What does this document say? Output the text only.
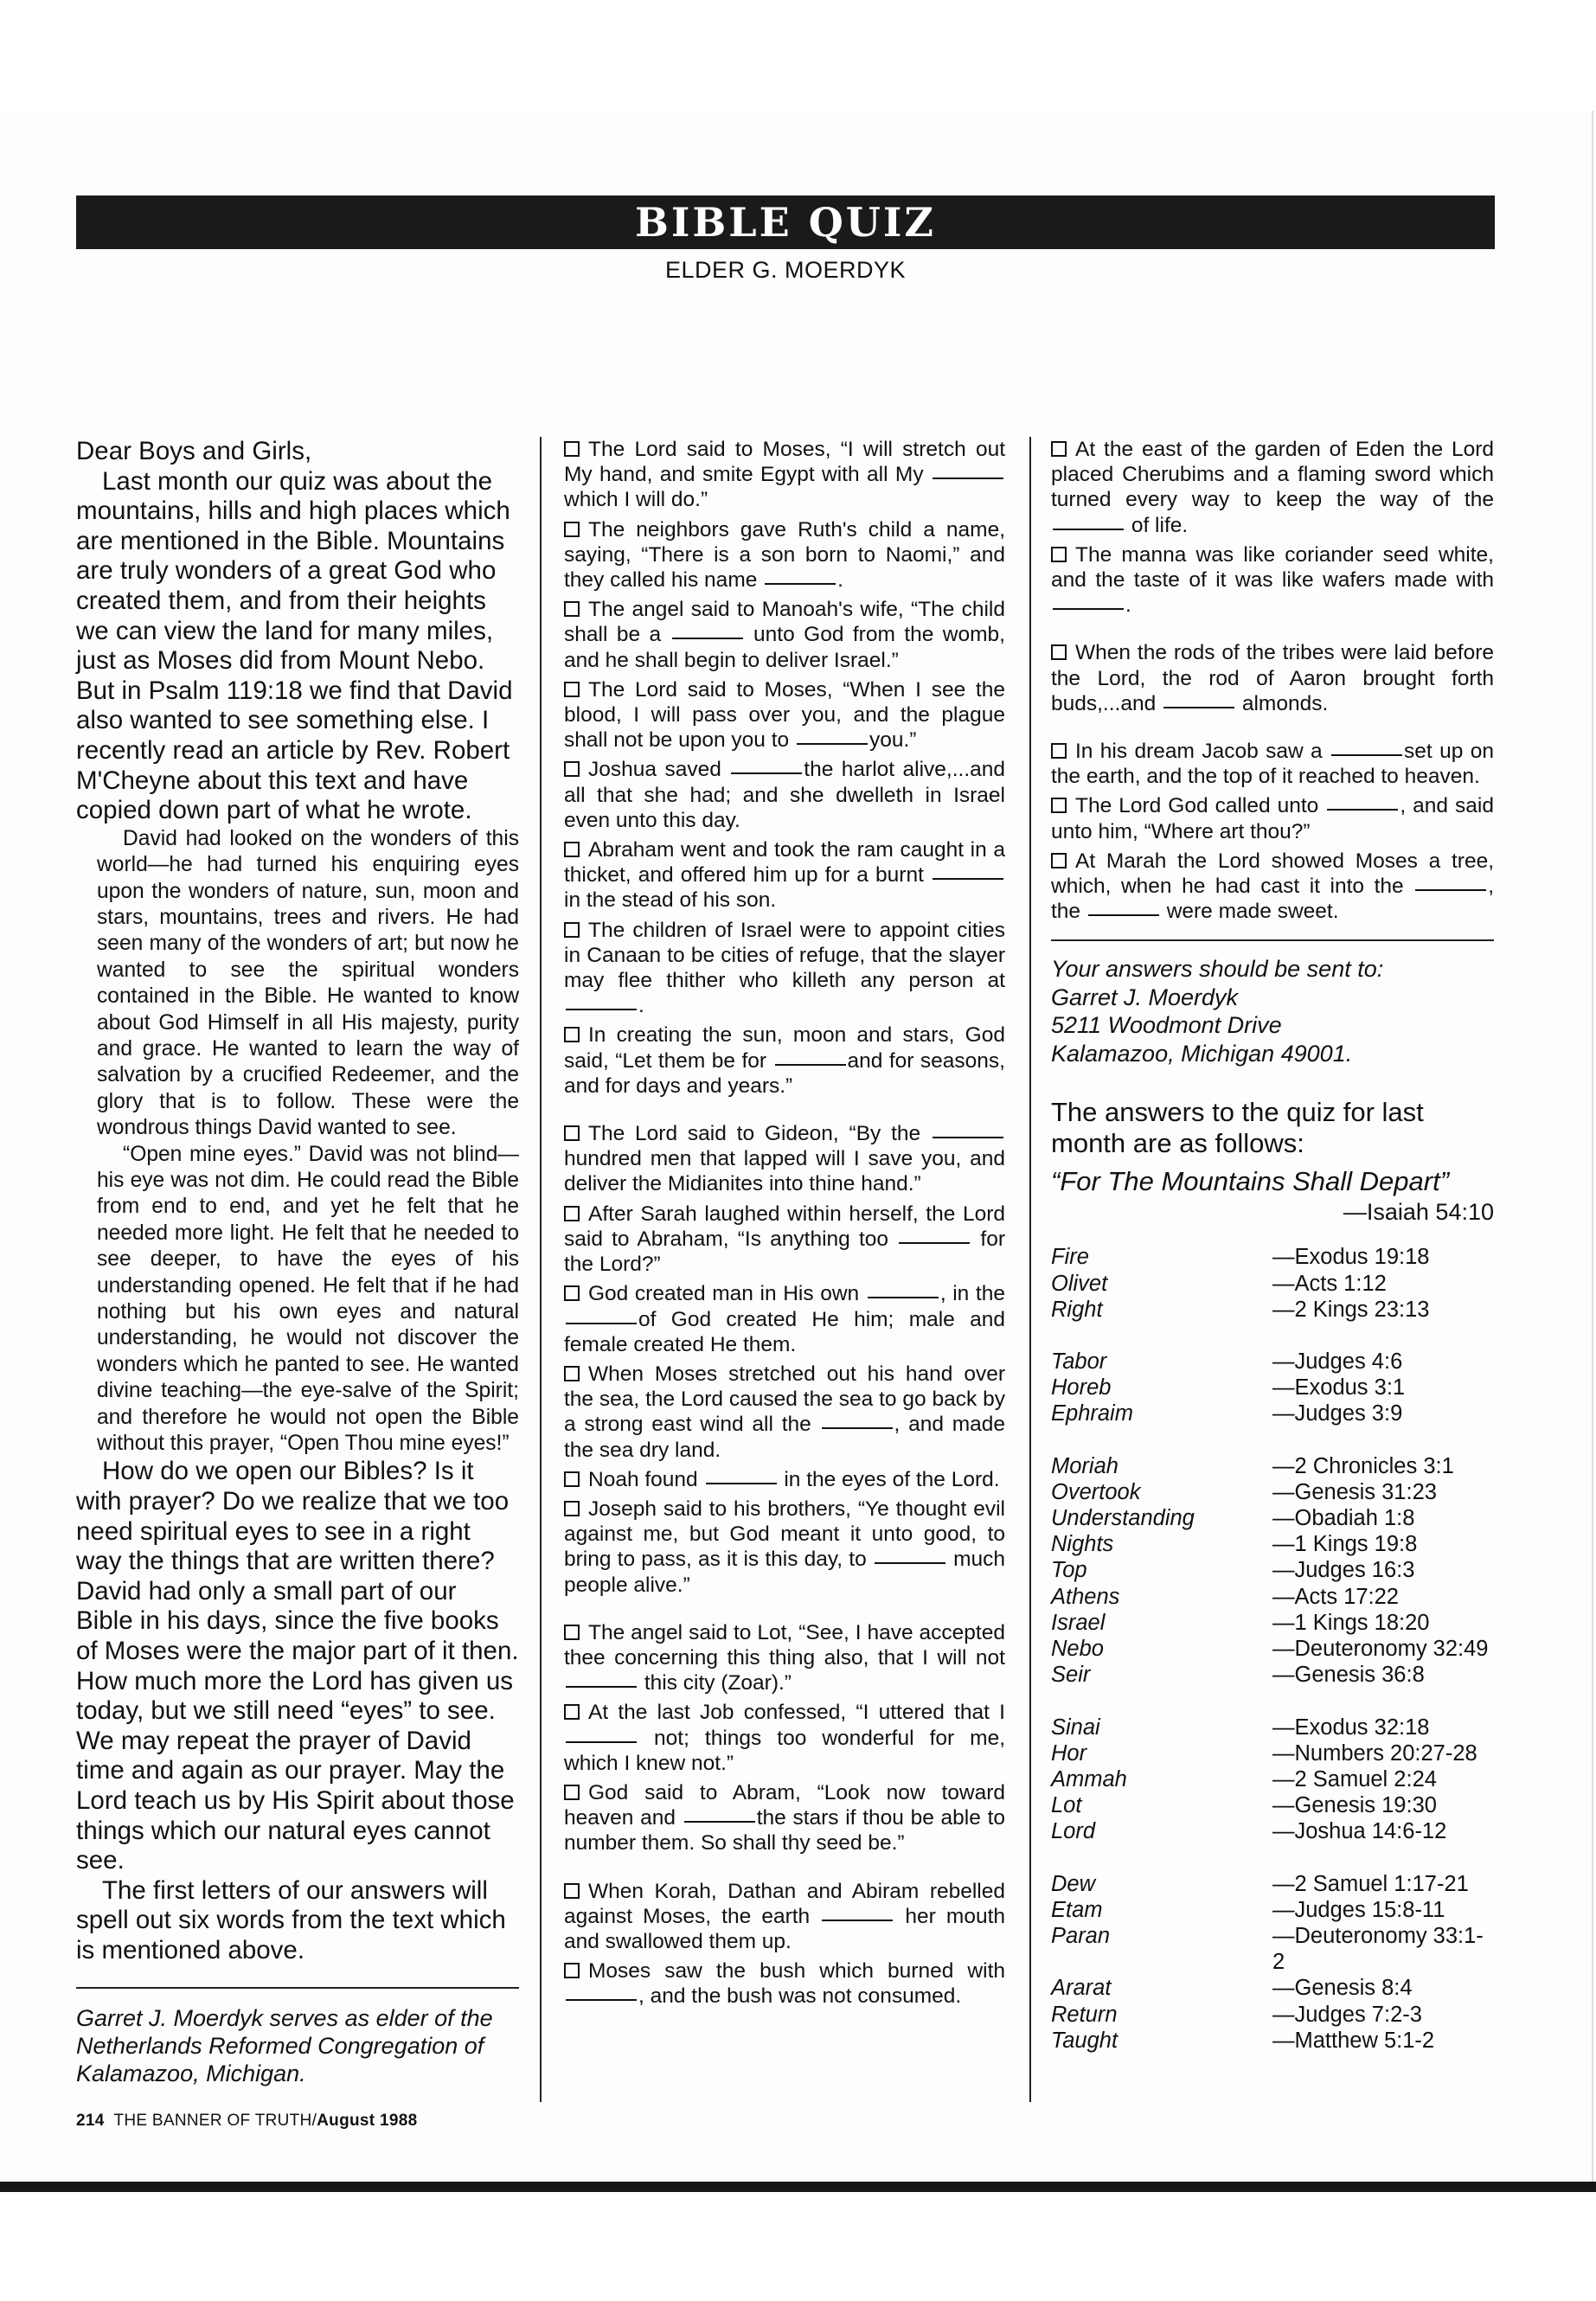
BIBLE QUIZ
ELDER G. MOERDYK

Dear Boys and Girls,

Last month our quiz was about the mountains, hills and high places which are mentioned in the Bible. Mountains are truly wonders of a great God who created them, and from their heights we can view the land for many miles, just as Moses did from Mount Nebo. But in Psalm 119:18 we find that David also wanted to see something else. I recently read an article by Rev. Robert M'Cheyne about this text and have copied down part of what he wrote.

David had looked on the wonders of this world—he had turned his enquiring eyes upon the wonders of nature, sun, moon and stars, mountains, trees and rivers. He had seen many of the wonders of art; but now he wanted to see the spiritual wonders contained in the Bible. He wanted to know about God Himself in all His majesty, purity and grace. He wanted to learn the way of salvation by a crucified Redeemer, and the glory that is to follow. These were the wondrous things David wanted to see.

“Open mine eyes.” David was not blind—his eye was not dim. He could read the Bible from end to end, and yet he felt that he needed more light. He felt that he needed to see deeper, to have the eyes of his understanding opened. He felt that if he had nothing but his own eyes and natural understanding, he would not discover the wonders which he panted to see. He wanted divine teaching—the eye-salve of the Spirit; and therefore he would not open the Bible without this prayer, “Open Thou mine eyes!”

How do we open our Bibles? Is it with prayer? Do we realize that we too need spiritual eyes to see in a right way the things that are written there? David had only a small part of our Bible in his days, since the five books of Moses were the major part of it then. How much more the Lord has given us today, but we still need “eyes” to see. We may repeat the prayer of David time and again as our prayer. May the Lord teach us by His Spirit about those things which our natural eyes cannot see.

The first letters of our answers will spell out six words from the text which is mentioned above.

Garret J. Moerdyk serves as elder of the Netherlands Reformed Congregation of Kalamazoo, Michigan.

214 THE BANNER OF TRUTH/August 1988

The Lord said to Moses, “I will stretch out My hand, and smite Egypt with all My  which I will do.”

The neighbors gave Ruth's child a name, saying, “There is a son born to Naomi,” and they called his name	.

The angel said to Manoah's wife, “The child shall be a	unto God from the womb, and he shall begin to deliver Israel.”

The Lord said to Moses, “When I see the blood, I will pass over you, and the plague shall not be upon you to	you.”

Joshua saved	the harlot alive,...and all that she had; and she dwelleth in Israel even unto this day.

Abraham went and took the ram caught in a thicket, and offered him up for a burnt  in the stead of his son.

The children of Israel were to appoint cities in Canaan to be cities of refuge, that the slayer may flee thither who killeth any person at .

In creating the sun, moon and stars, God said, “Let them be for	and for seasons, and for days and years.”

The Lord said to Gideon, “By the  hundred men that lapped will I save you, and deliver the Midianites into thine hand.”

After Sarah laughed within herself, the Lord said to Abraham, “Is anything too	for the Lord?”

God created man in His own	, in the of God created He him; male and female created He them.

When Moses stretched out his hand over the sea, the Lord caused the sea to go back by a strong east wind all the	, and made the sea dry land.

Noah found	in the eyes of the Lord.

Joseph said to his brothers, “Ye thought evil against me, but God meant it unto good, to bring to pass, as it is this day, to	much people alive.”

The angel said to Lot, “See, I have accepted thee concerning this thing also, that I will not  this city (Zoar).”

At the last Job confessed, “I uttered that I  not; things too wonderful for me, which I knew not.”

God said to Abram, “Look now toward heaven and	the stars if thou be able to number them. So shall thy seed be.”

When Korah, Dathan and Abiram rebelled against Moses, the earth	her mouth and swallowed them up.

Moses saw the bush which burned with , and the bush was not consumed.

At the east of the garden of Eden the Lord placed Cherubims and a flaming sword which turned every way to keep the way of the  of life.

The manna was like coriander seed white, and the taste of it was like wafers made with .

When the rods of the tribes were laid before the Lord, the rod of Aaron brought forth buds,...and	almonds.

In his dream Jacob saw a	set up on the earth, and the top of it reached to heaven.

The Lord God called unto	, and said unto him, “Where art thou?”

At Marah the Lord showed Moses a tree, which, when he had cast it into the	, the	were made sweet.

Your answers should be sent to:

Garret J. Moerdyk

5211 Woodmont Drive

Kalamazoo, Michigan 49001.

The answers to the quiz for last month are as follows:

“For The Mountains Shall Depart”

—Isaiah 54:10

Fire	—Exodus 19:18
Olivet	—Acts 1:12
Right	—2 Kings 23:13
Tabor	—Judges 4:6
Horeb	—Exodus 3:1
Ephraim	—Judges 3:9
Moriah	—2 Chronicles 3:1
Overtook	—Genesis 31:23
Understanding	—Obadiah 1:8
Nights	—1 Kings 19:8
Top	—Judges 16:3
Athens	—Acts 17:22
Israel	—1 Kings 18:20
Nebo	—Deuteronomy 32:49
Seir	—Genesis 36:8
Sinai	—Exodus 32:18
Hor	—Numbers 20:27-28
Ammah	—2 Samuel 2:24
Lot	—Genesis 19:30
Lord	—Joshua 14:6-12
Dew	—2 Samuel 1:17-21
Etam	—Judges 15:8-11
Paran	—Deuteronomy 33:1-2
Ararat	—Genesis 8:4
Return	—Judges 7:2-3
Taught	—Matthew 5:1-2
